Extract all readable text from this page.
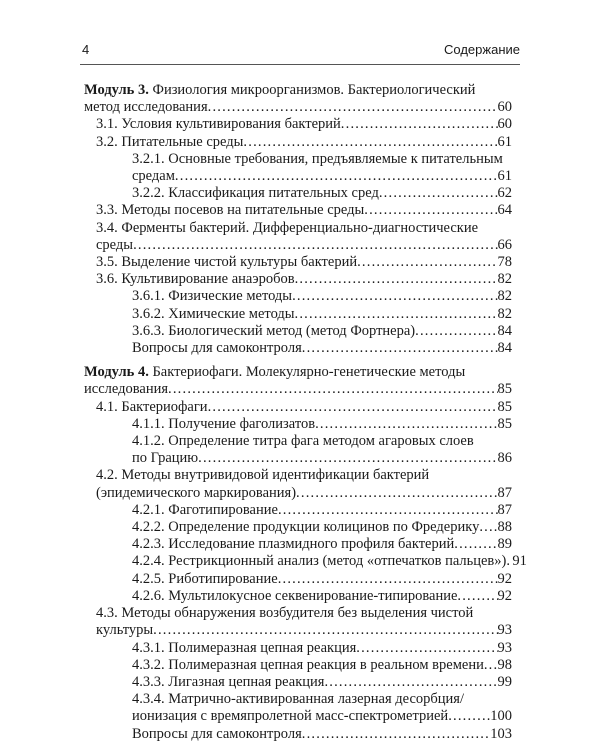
4	Содержание
Модуль 3. Физиология микроорганизмов. Бактериологический
метод исследования .....	60
3.1. Условия культивирования бактерий .....	60
3.2. Питательные среды .....	61
3.2.1. Основные требования, предъявляемые к питательным
средам .....	61
3.2.2. Классификация питательных сред .....	62
3.3. Методы посевов на питательные среды .....	64
3.4. Ферменты бактерий. Дифференциально-диагностические
среды .....	66
3.5. Выделение чистой культуры бактерий .....	78
3.6. Культивирование анаэробов .....	82
3.6.1. Физические методы .....	82
3.6.2. Химические методы .....	82
3.6.3. Биологический метод (метод Фортнера) .....	84
Вопросы для самоконтроля .....	84
Модуль 4. Бактериофаги. Молекулярно-генетические методы
исследования .....	85
4.1. Бактериофаги .....	85
4.1.1. Получение фаголизатов .....	85
4.1.2. Определение титра фага методом агаровых слоев
по Грацию .....	86
4.2. Методы внутривидовой идентификации бактерий
(эпидемического маркирования) .....	87
4.2.1. Фаготипирование .....	87
4.2.2. Определение продукции колицинов по Фредерику ..... 88
4.2.3. Исследование плазмидного профиля бактерий .....	89
4.2.4. Рестрикционный анализ (метод «отпечатков пальцев») ..... 91
4.2.5. Риботипирование .....	92
4.2.6. Мультилокусное секвенирование-типирование .....	92
4.3. Методы обнаружения возбудителя без выделения чистой
культуры .....	93
4.3.1. Полимеразная цепная реакция .....	93
4.3.2. Полимеразная цепная реакция в реальном времени ..... 98
4.3.3. Лигазная цепная реакция .....	99
4.3.4. Матрично-активированная лазерная десорбция/
ионизация с времяпролетной масс-спектрометрией .....	100
Вопросы для самоконтроля .....	103
